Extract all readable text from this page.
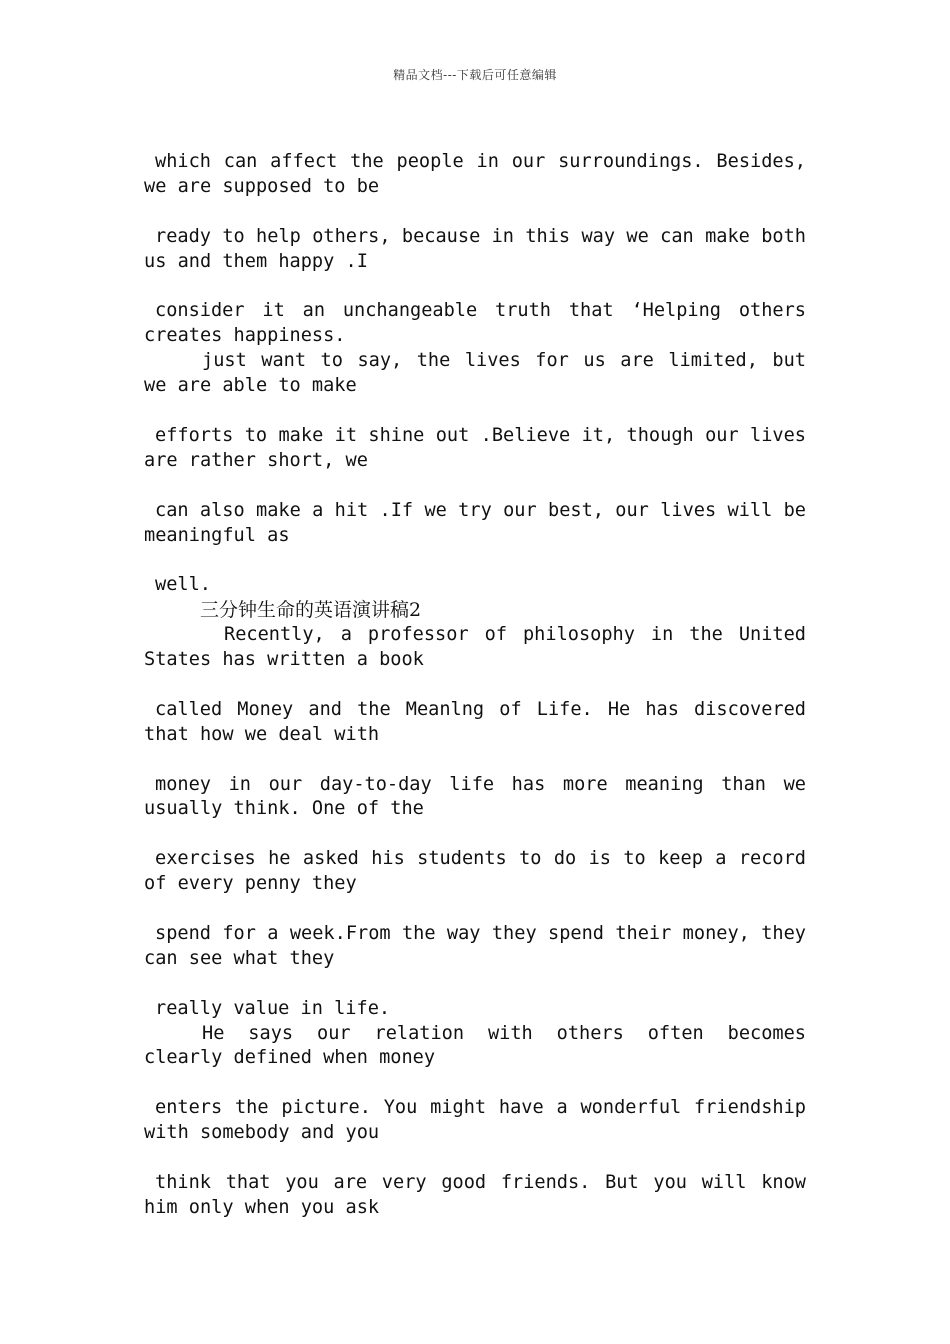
精品文档---下载后可任意编辑

which can affect the people in our surroundings. Besides, we are supposed to be

ready to help others, because in this way we can make both us and them happy .I

consider it an unchangeable truth that ‘Helping others creates happiness.

just want to say, the lives for us are limited, but we are able to make

efforts to make it shine out .Believe it, though our lives are rather short, we

can also make a hit .If we try our best, our lives will be meaningful as

well.

三分钟生命的英语演讲稿2

Recently, a professor of philosophy in the United States has written a book

called Money and the Meanlng of Life. He has discovered that how we deal with

money in our day-to-day life has more meaning than we usually think. One of the

exercises he asked his students to do is to keep a record of every penny they

spend for a week.From the way they spend their money, they can see what they

really value in life.

He says our relation with others often becomes clearly defined when money

enters the picture. You might have a wonderful friendship with somebody and you

think that you are very good friends. But you will know him only when you ask
